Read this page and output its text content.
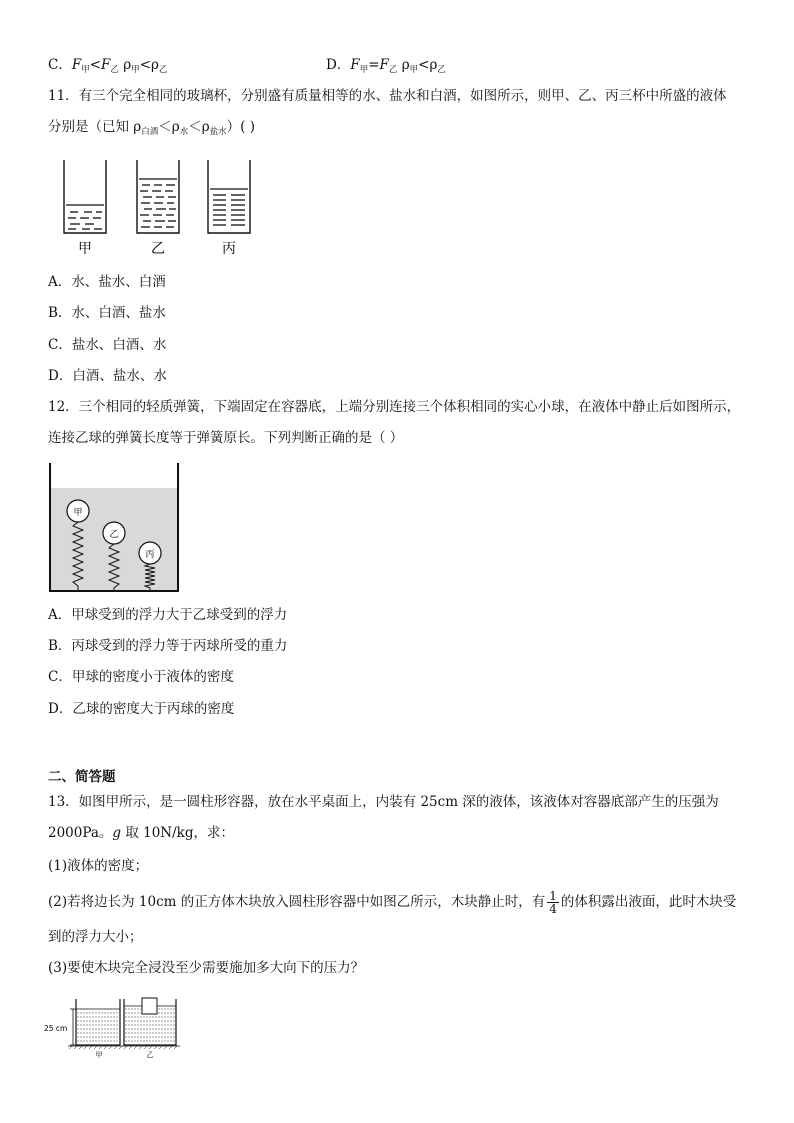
C．$F_甲<F_乙$ $\rho_甲<\rho_乙$	D．$F_甲=F_乙$ $\rho_甲<\rho_乙$
11．有三个完全相同的玻璃杯，分别盛有质量相等的水、盐水和白酒，如图所示，则甲、乙、丙三杯中所盛的液体
分别是（已知 $\rho_{白酒}<\rho_水<\rho_{盐水}$）( )
甲	乙	丙
A．水、盐水、白酒
B．水、白酒、盐水
C．盐水、白酒、水
D．白酒、盐水、水
12．三个相同的轻质弹簧，下端固定在容器底，上端分别连接三个体积相同的实心小球，在液体中静止后如图所示，
连接乙球的弹簧长度等于弹簧原长。下列判断正确的是（ ）
甲
乙
丙
A．甲球受到的浮力大于乙球受到的浮力
B．丙球受到的浮力等于丙球所受的重力
C．甲球的密度小于液体的密度
D．乙球的密度大于丙球的密度
二、简答题
13．如图甲所示，是一圆柱形容器，放在水平桌面上，内装有 25cm 深的液体，该液体对容器底部产生的压强为
2000Pa。g 取 10N/kg，求：
(1)液体的密度；
(2)若将边长为 10cm 的正方体木块放入圆柱形容器中如图乙所示，木块静止时，有 $\frac{1}{4}$ 的体积露出液面，此时木块受
到的浮力大小；
(3)要使木块完全浸没至少需要施加多大向下的压力？
25 cm
甲	乙
